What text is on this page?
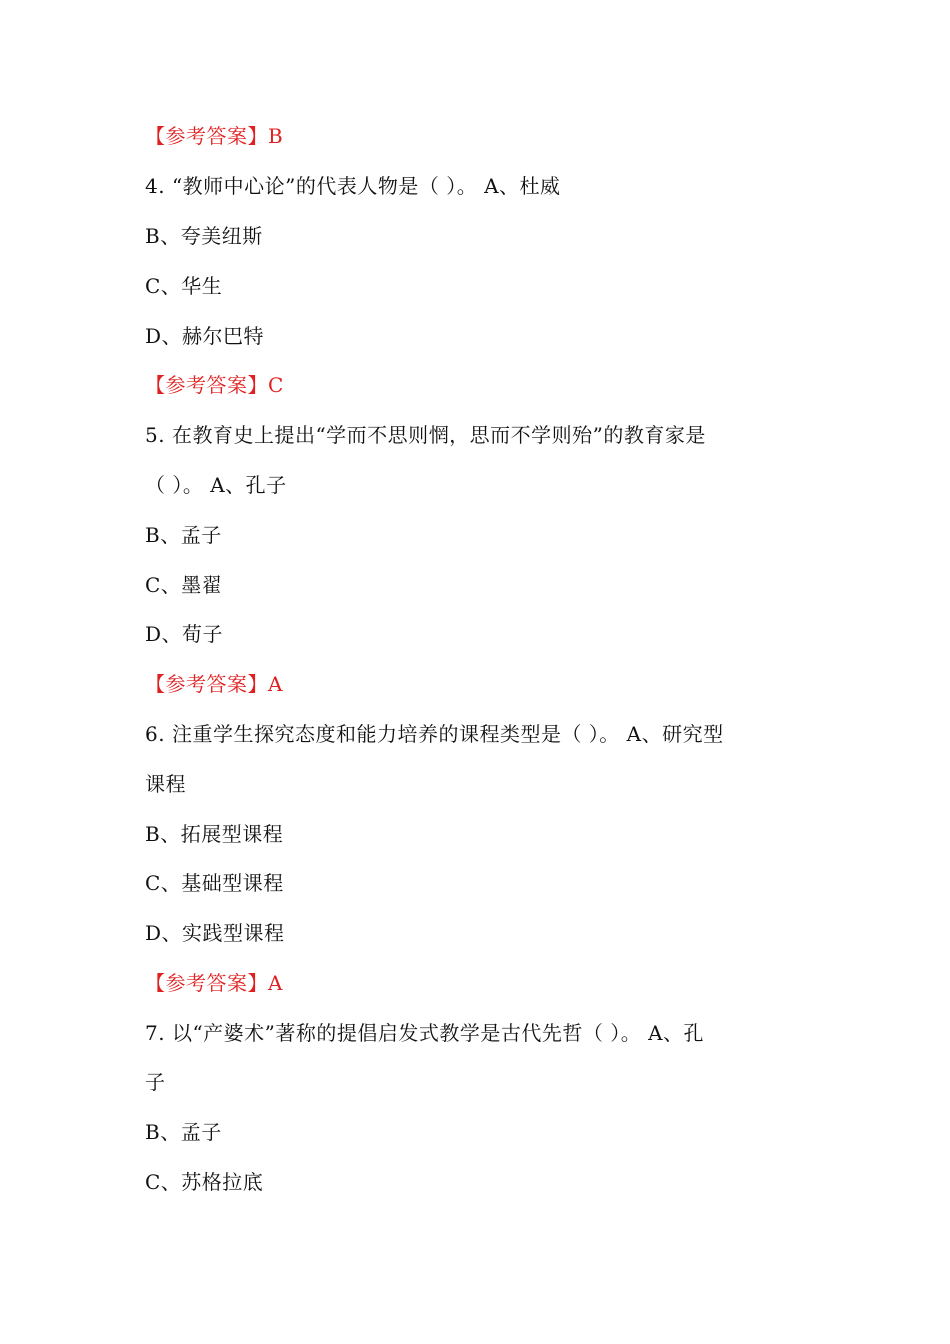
【参考答案】B
4. “教师中心论”的代表人物是（ ）。 A、杜威
B、夸美纽斯
C、华生
D、赫尔巴特
【参考答案】C
5. 在教育史上提出“学而不思则惘，思而不学则殆”的教育家是
（ ）。 A、孔子
B、孟子
C、墨翟
D、荀子
【参考答案】A
6. 注重学生探究态度和能力培养的课程类型是（ ）。 A、研究型
课程
B、拓展型课程
C、基础型课程
D、实践型课程
【参考答案】A
7. 以“产婆术”著称的提倡启发式教学是古代先哲（ ）。 A、孔
子
B、孟子
C、苏格拉底
